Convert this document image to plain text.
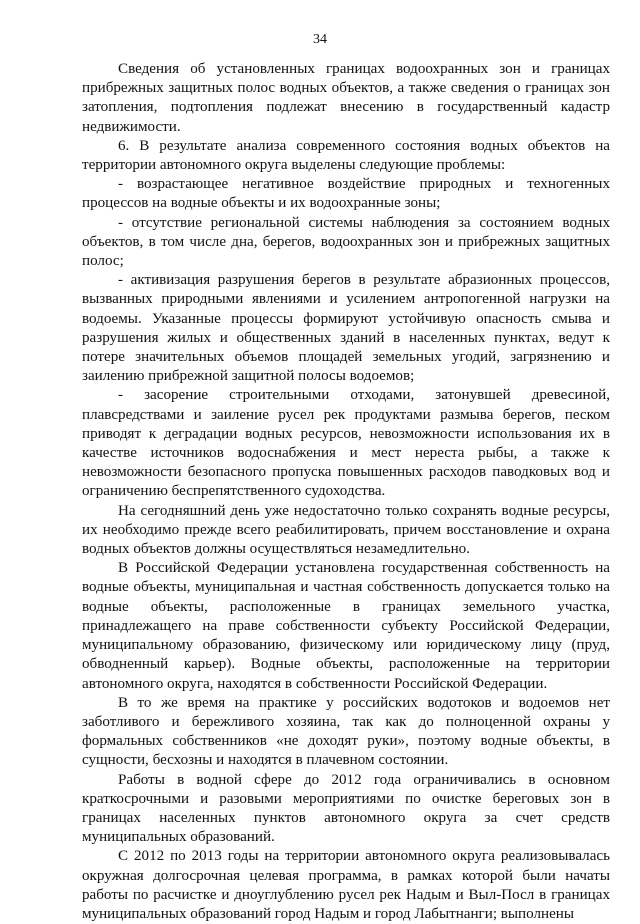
34

Сведения об установленных границах водоохранных зон и границах прибрежных защитных полос водных объектов, а также сведения о границах зон затопления, подтопления подлежат внесению в государственный кадастр недвижимости.

6. В результате анализа современного состояния водных объектов на территории автономного округа выделены следующие проблемы:

- возрастающее негативное воздействие природных и техногенных процессов на водные объекты и их водоохранные зоны;

- отсутствие региональной системы наблюдения за состоянием водных объектов, в том числе дна, берегов, водоохранных зон и прибрежных защитных полос;

- активизация разрушения берегов в результате абразионных процессов, вызванных природными явлениями и усилением антропогенной нагрузки на водоемы. Указанные процессы формируют устойчивую опасность смыва и разрушения жилых и общественных зданий в населенных пунктах, ведут к потере значительных объемов площадей земельных угодий, загрязнению и заилению прибрежной защитной полосы водоемов;

- засорение строительными отходами, затонувшей древесиной, плавсредствами и заиление русел рек продуктами размыва берегов, песком приводят к деградации водных ресурсов, невозможности использования их в качестве источников водоснабжения и мест нереста рыбы, а также к невозможности безопасного пропуска повышенных расходов паводковых вод и ограничению беспрепятственного судоходства.

На сегодняшний день уже недостаточно только сохранять водные ресурсы, их необходимо прежде всего реабилитировать, причем восстановление и охрана водных объектов должны осуществляться незамедлительно.

В Российской Федерации установлена государственная собственность на водные объекты, муниципальная и частная собственность допускается только на водные объекты, расположенные в границах земельного участка, принадлежащего на праве собственности субъекту Российской Федерации, муниципальному образованию, физическому или юридическому лицу (пруд, обводненный карьер). Водные объекты, расположенные на территории автономного округа, находятся в собственности Российской Федерации.

В то же время на практике у российских водотоков и водоемов нет заботливого и бережливого хозяина, так как до полноценной охраны у формальных собственников «не доходят руки», поэтому водные объекты, в сущности, бесхозны и находятся в плачевном состоянии.

Работы в водной сфере до 2012 года ограничивались в основном краткосрочными и разовыми мероприятиями по очистке береговых зон в границах населенных пунктов автономного округа за счет средств муниципальных образований.

С 2012 по 2013 годы на территории автономного округа реализовывалась окружная долгосрочная целевая программа, в рамках которой были начаты работы по расчистке и дноуглублению русел рек Надым и Выл-Посл в границах муниципальных образований город Надым и город Лабытнанги; выполнены
